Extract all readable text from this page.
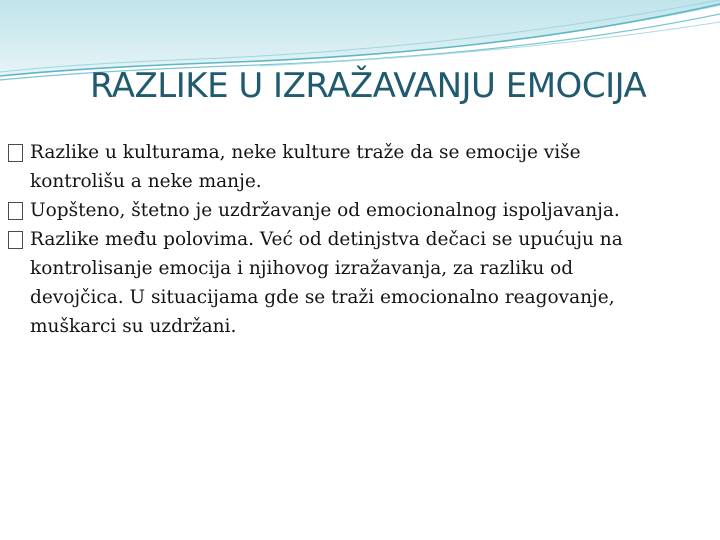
RAZLIKE U IZRAŽAVANJU EMOCIJA
Razlike u kulturama, neke kulture traže da se emocije više kontrolišu a neke manje.
Uopšteno, štetno je uzdržavanje od emocionalnog ispoljavanja.
Razlike među polovima. Već od detinjstva dečaci se upućuju na kontrolisanje emocija i njihovog izražavanja, za razliku od devojčica. U situacijama gde se traži emocionalno reagovanje, muškarci su uzdržani.
